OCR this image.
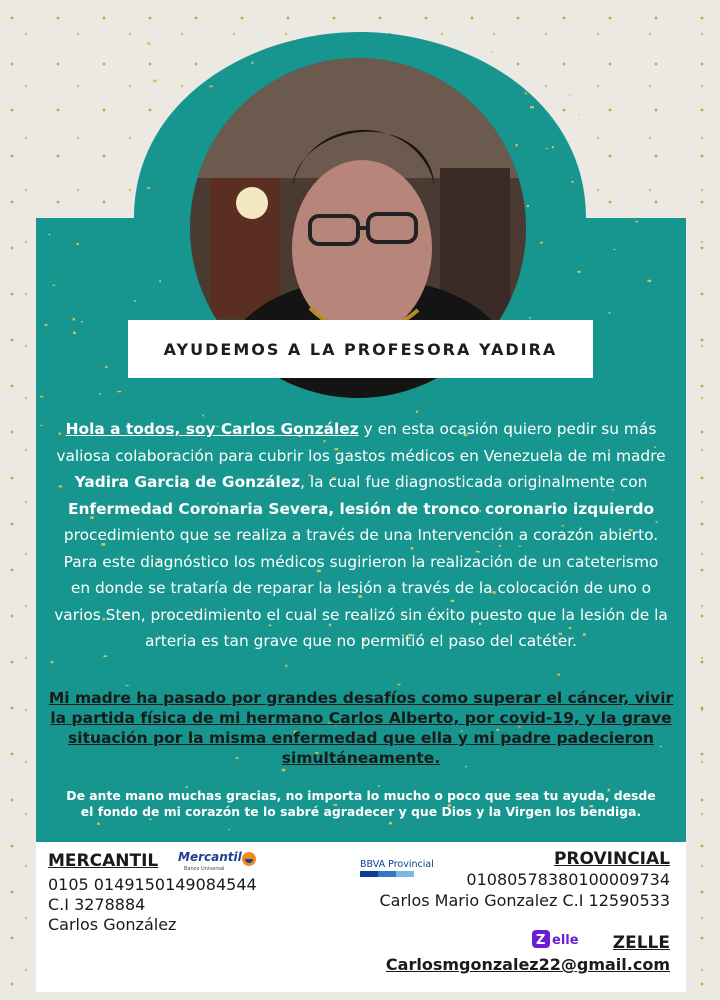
AYUDEMOS A LA PROFESORA YADIRA
Hola a todos, soy Carlos González y en esta ocasión quiero pedir su más valiosa colaboración para cubrir los gastos médicos en Venezuela de mi madre Yadira Garcia de González, la cual fue diagnosticada originalmente con Enfermedad Coronaria Severa, lesión de tronco coronario izquierdo procedimiento que se realiza a través de una Intervención a corazón abierto. Para este diagnóstico los médicos sugirieron la realización de un cateterismo en donde se trataría de reparar la lesión a través de la colocación de uno o varios Sten, procedimiento el cual se realizó sin éxito puesto que la lesión de la arteria es tan grave que no permitió el paso del catéter.
Mi madre ha pasado por grandes desafíos como superar el cáncer, vivir la partida física de mi hermano Carlos Alberto, por covid-19, y la grave situación por la misma enfermedad que ella y mi padre padecieron simultáneamente.
De ante mano muchas gracias, no importa lo mucho o poco que sea tu ayuda, desde el fondo de mi corazón te lo sabré agradecer y que Dios y la Virgen los bendiga.
MERCANTIL Mercantil
Banco Universal
0105 0149150149084544
C.I 3278884
Carlos González
BBVA Provincial	PROVINCIAL
01080578380100009734
Carlos Mario Gonzalez C.I 12590533
Z elle ZELLE
Carlosmgonzalez22@gmail.com
